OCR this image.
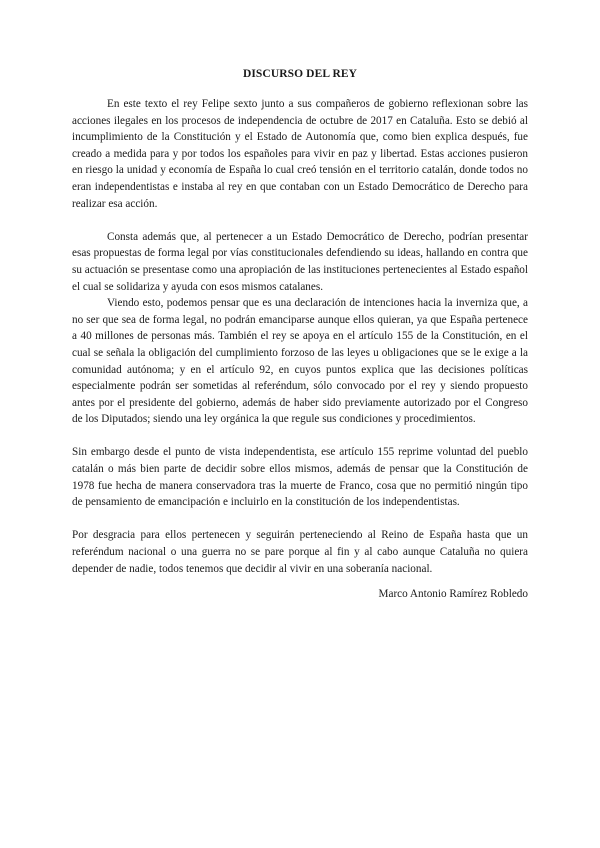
DISCURSO DEL REY

En este texto el rey Felipe sexto junto a sus compañeros de gobierno reflexionan sobre las acciones ilegales en los procesos de independencia de octubre de 2017 en Cataluña. Esto se debió al incumplimiento de la Constitución y el Estado de Autonomía que, como bien explica después, fue creado a medida para y por todos los españoles para vivir en paz y libertad. Estas acciones pusieron en riesgo la unidad y economía de España lo cual creó tensión en el territorio catalán, donde todos no eran independentistas e instaba al rey en que contaban con un Estado Democrático de Derecho para realizar esa acción.

Consta además que, al pertenecer a un Estado Democrático de Derecho, podrían presentar esas propuestas de forma legal por vías constitucionales defendiendo su ideas, hallando en contra que su actuación se presentase como una apropiación de las instituciones pertenecientes al Estado español el cual se solidariza y ayuda con esos mismos catalanes.

Viendo esto, podemos pensar que es una declaración de intenciones hacia la inverniza que, a no ser que sea de forma legal, no podrán emanciparse aunque ellos quieran, ya que España pertenece a 40 millones de personas más. También el rey se apoya en el artículo 155 de la Constitución, en el cual se señala la obligación del cumplimiento forzoso de las leyes u obligaciones que se le exige a la comunidad autónoma; y en el artículo 92, en cuyos puntos explica que las decisiones políticas especialmente podrán ser sometidas al referéndum, sólo convocado por el rey y siendo propuesto antes por el presidente del gobierno, además de haber sido previamente autorizado por el Congreso de los Diputados; siendo una ley orgánica la que regule sus condiciones y procedimientos.

Sin embargo desde el punto de vista independentista, ese artículo 155 reprime voluntad del pueblo catalán o más bien parte de decidir sobre ellos mismos, además de pensar que la Constitución de 1978 fue hecha de manera conservadora tras la muerte de Franco, cosa que no permitió ningún tipo de pensamiento de emancipación e incluirlo en la constitución de los independentistas.

Por desgracia para ellos pertenecen y seguirán perteneciendo al Reino de España hasta que un referéndum nacional o una guerra no se pare porque al fin y al cabo aunque Cataluña no quiera depender de nadie, todos tenemos que decidir al vivir en una soberanía nacional.

Marco Antonio Ramírez Robledo
